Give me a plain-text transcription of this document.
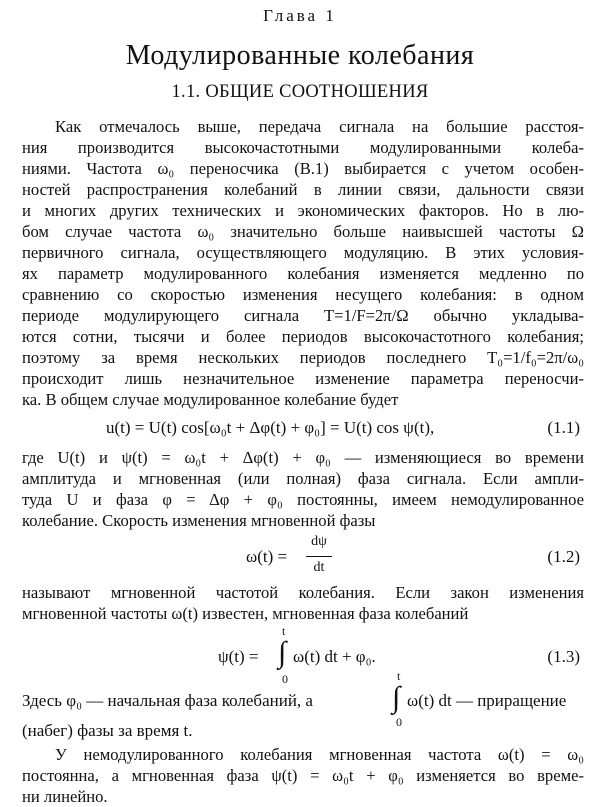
Глава 1
Модулированные колебания
1.1. ОБЩИЕ СООТНОШЕНИЯ
Как отмечалось выше, передача сигнала на большие расстоя-
ния производится высокочастотными модулированными колеба-
ниями. Частота ω₀ переносчика (В.1) выбирается с учетом особен-
ностей распространения колебаний в линии связи, дальности связи
и многих других технических и экономических факторов. Но в лю-
бом случае частота ω₀ значительно больше наивысшей частоты Ω
первичного сигнала, осуществляющего модуляцию. В этих условия-
ях параметр модулированного колебания изменяется медленно по
сравнению со скоростью изменения несущего колебания: в одном
периоде модулирующего сигнала T=1/F=2π/Ω обычно укладыва-
ются сотни, тысячи и более периодов высокочастотного колебания;
поэтому за время нескольких периодов последнего T₀=1/f₀=2π/ω₀
происходит лишь незначительное изменение параметра переносчи-
ка. В общем случае модулированное колебание будет
u(t) = U(t) cos[ω₀t + Δφ(t) + φ₀] = U(t) cos ψ(t),	(1.1)
где U(t) и ψ(t) = ω₀t + Δφ(t) + φ₀ — изменяющиеся во времени
амплитуда и мгновенная (или полная) фаза сигнала. Если ампли-
туда U и фаза φ = Δφ + φ₀ постоянны, имеем немодулированное
колебание. Скорость изменения мгновенной фазы
ω(t) =
dψ
dt
(1.2)
называют мгновенной частотой колебания. Если закон изменения
мгновенной частоты ω(t) известен, мгновенная фаза колебаний
ψ(t) =
t
∫
0
ω(t) dt + φ₀.	(1.3)
Здесь φ₀ — начальная фаза колебаний, а
t
∫
0
ω(t) dt — приращение
(набег) фазы за время t.
У немодулированного колебания мгновенная частота ω(t) = ω₀
постоянна, а мгновенная фаза ψ(t) = ω₀t + φ₀ изменяется во време-
ни линейно.
